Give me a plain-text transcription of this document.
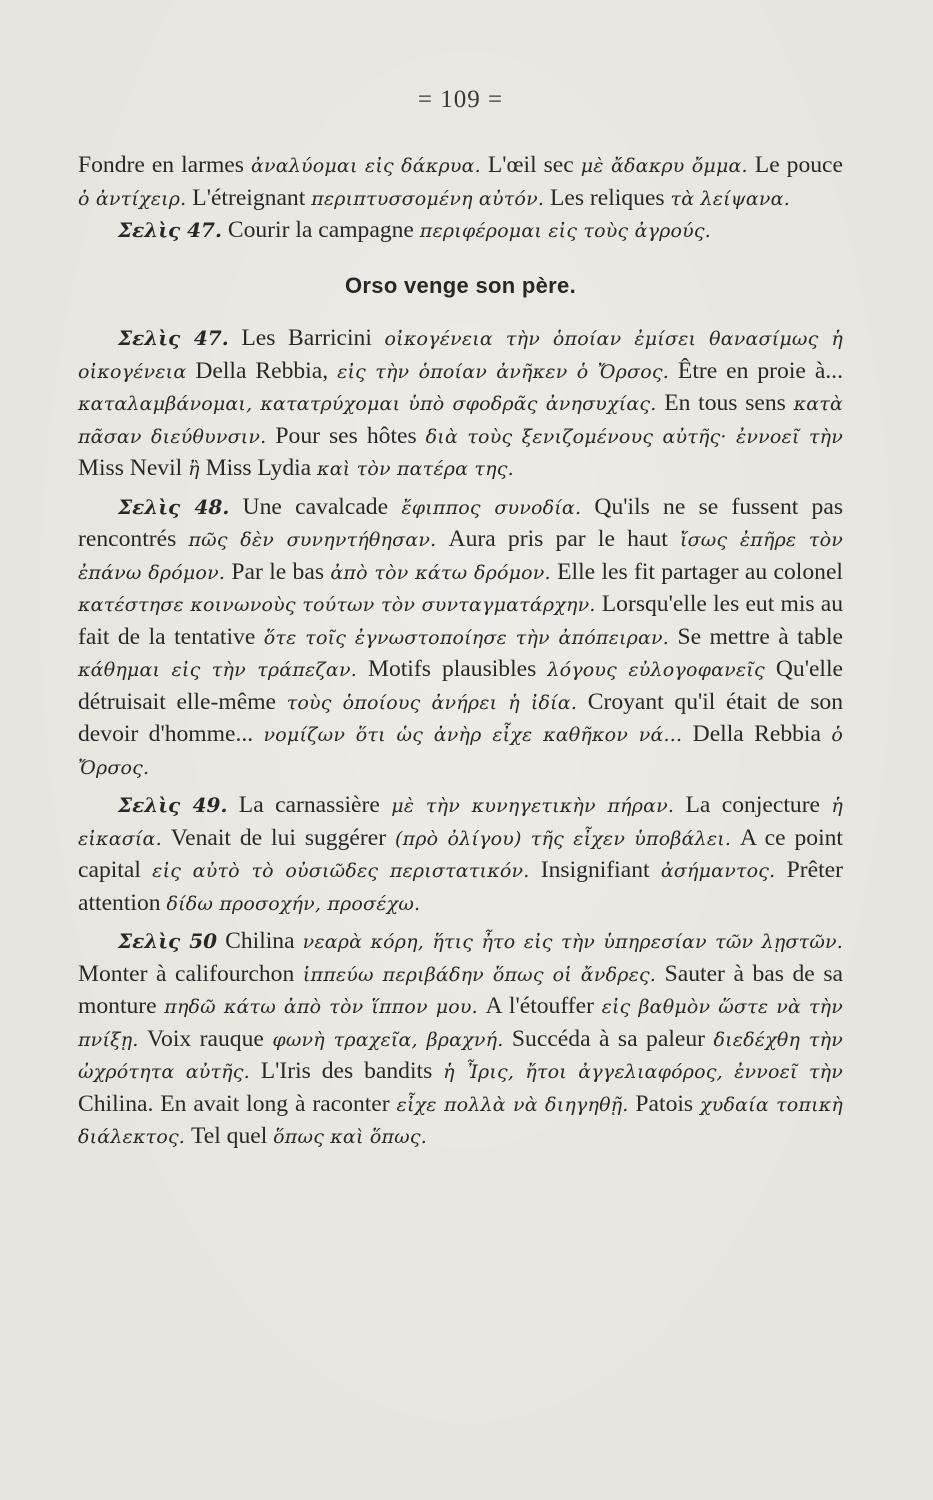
= 109 =

Fondre en larmes ἀναλύομαι εἰς δάκρυα. L'œil sec μὲ ἄδακρυ ὄμμα. Le pouce ὁ ἀντίχειρ. L'étreignant περιπτυσσομένη αὐτόν. Les reliques τὰ λείψανα.

Σελὶς 47. Courir la campagne περιφέρομαι εἰς τοὺς ἀγρούς.

Orso venge son père.

Σελὶς 47. Les Barricini οἰκογένεια τὴν ὁποίαν ἐμίσει θανασίμως ἡ οἰκογένεια Della Rebbia, εἰς τὴν ὁποίαν ἀνῆκεν ὁ Ὄρσος. Être en proie à... καταλαμβάνομαι, κατατρύχομαι ὑπὸ σφοδρᾶς ἀνησυχίας. En tous sens κατὰ πᾶσαν διεύθυνσιν. Pour ses hôtes διὰ τοὺς ξενιζομένους αὐτῆς· ἐννοεῖ τὴν Miss Nevil ἢ Miss Lydia καὶ τὸν πατέρα της.

Σελὶς 48. Une cavalcade ἔφιππος συνοδία. Qu'ils ne se fussent pas rencontrés πῶς δὲν συνηντήθησαν. Aura pris par le haut ἴσως ἐπῆρε τὸν ἐπάνω δρόμον. Par le bas ἀπὸ τὸν κάτω δρόμον. Elle les fit partager au colonel κατέστησε κοινωνοὺς τούτων τὸν συνταγματάρχην. Lorsqu'elle les eut mis au fait de la tentative ὅτε τοῖς ἐγνωστοποίησε τὴν ἀπόπειραν. Se mettre à table κάθημαι εἰς τὴν τράπεζαν. Motifs plausibles λόγους εὐλογοφανεῖς Qu'elle détruisait elle-même τοὺς ὁποίους ἀνήρει ἡ ἰδία. Croyant qu'il était de son devoir d'homme... νομίζων ὅτι ὡς ἀνὴρ εἶχε καθῆκον νά... Della Rebbia ὁ Ὄρσος.

Σελὶς 49. La carnassière μὲ τὴν κυνηγετικὴν πήραν. La conjecture ἡ εἰκασία. Venait de lui suggérer (πρὸ ὀλίγου) τῆς εἶχεν ὑποβάλει. A ce point capital εἰς αὐτὸ τὸ οὐσιῶδες περιστατικόν. Insignifiant ἀσήμαντος. Prêter attention δίδω προσοχήν, προσέχω.

Σελὶς 50 Chilina νεαρὰ κόρη, ἥτις ἦτο εἰς τὴν ὑπηρεσίαν τῶν λῃστῶν. Monter à califourchon ἱππεύω περιβάδην ὅπως οἱ ἄνδρες. Sauter à bas de sa monture πηδῶ κάτω ἀπὸ τὸν ἵππον μου. A l'étouffer εἰς βαθμὸν ὥστε νὰ τὴν πνίξῃ. Voix rauque φωνὴ τραχεῖα, βραχνή. Succéda à sa paleur διεδέχθη τὴν ὠχρότητα αὐτῆς. L'Iris des bandits ἡ Ἶρις, ἤτοι ἀγγελιαφόρος, ἐννοεῖ τὴν Chilina. En avait long à raconter εἶχε πολλὰ νὰ διηγηθῇ. Patois χυδαία τοπικὴ διάλεκτος. Tel quel ὅπως καὶ ὅπως.
